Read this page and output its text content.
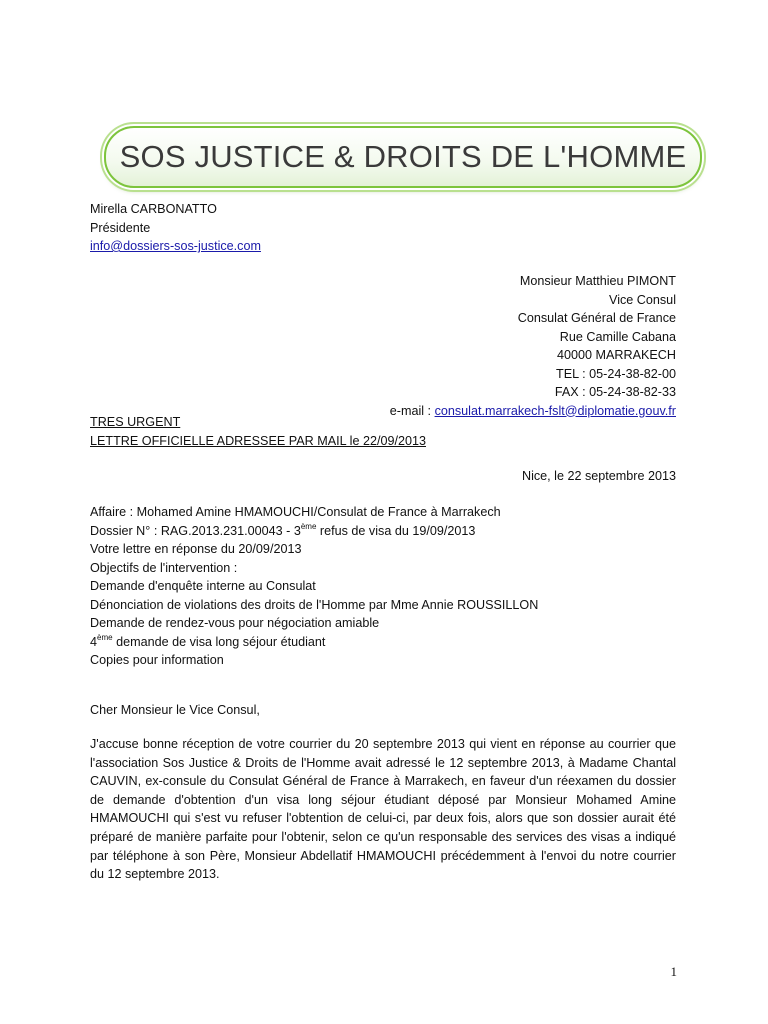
SOS JUSTICE & DROITS DE L'HOMME
Mirella CARBONATTO
Présidente
info@dossiers-sos-justice.com
Monsieur Matthieu PIMONT
Vice Consul
Consulat Général de France
Rue Camille Cabana
40000 MARRAKECH
TEL : 05-24-38-82-00
FAX : 05-24-38-82-33
e-mail : consulat.marrakech-fslt@diplomatie.gouv.fr
TRES URGENT
LETTRE OFFICIELLE ADRESSEE PAR MAIL le 22/09/2013
Nice, le 22 septembre 2013
Affaire : Mohamed Amine HMAMOUCHI/Consulat de France à Marrakech
Dossier N° : RAG.2013.231.00043 - 3ème refus de visa du 19/09/2013
Votre lettre en réponse du 20/09/2013
Objectifs de l'intervention :
Demande d'enquête interne au Consulat
Dénonciation de violations des droits de l'Homme par Mme Annie ROUSSILLON
Demande de rendez-vous pour négociation amiable
4ème demande de visa long séjour étudiant
Copies pour information
Cher Monsieur le Vice Consul,
J'accuse bonne réception de votre courrier du 20 septembre 2013 qui vient en réponse au courrier que l'association Sos Justice & Droits de l'Homme avait adressé le 12 septembre 2013, à Madame Chantal CAUVIN, ex-consule du Consulat Général de France à Marrakech, en faveur d'un réexamen du dossier de demande d'obtention d'un visa long séjour étudiant déposé par Monsieur Mohamed Amine HMAMOUCHI qui s'est vu refuser l'obtention de celui-ci, par deux fois, alors que son dossier aurait été préparé de manière parfaite pour l'obtenir, selon ce qu'un responsable des services des visas a indiqué par téléphone à son Père, Monsieur Abdellatif HMAMOUCHI précédemment à l'envoi du notre courrier du 12 septembre 2013.
1
